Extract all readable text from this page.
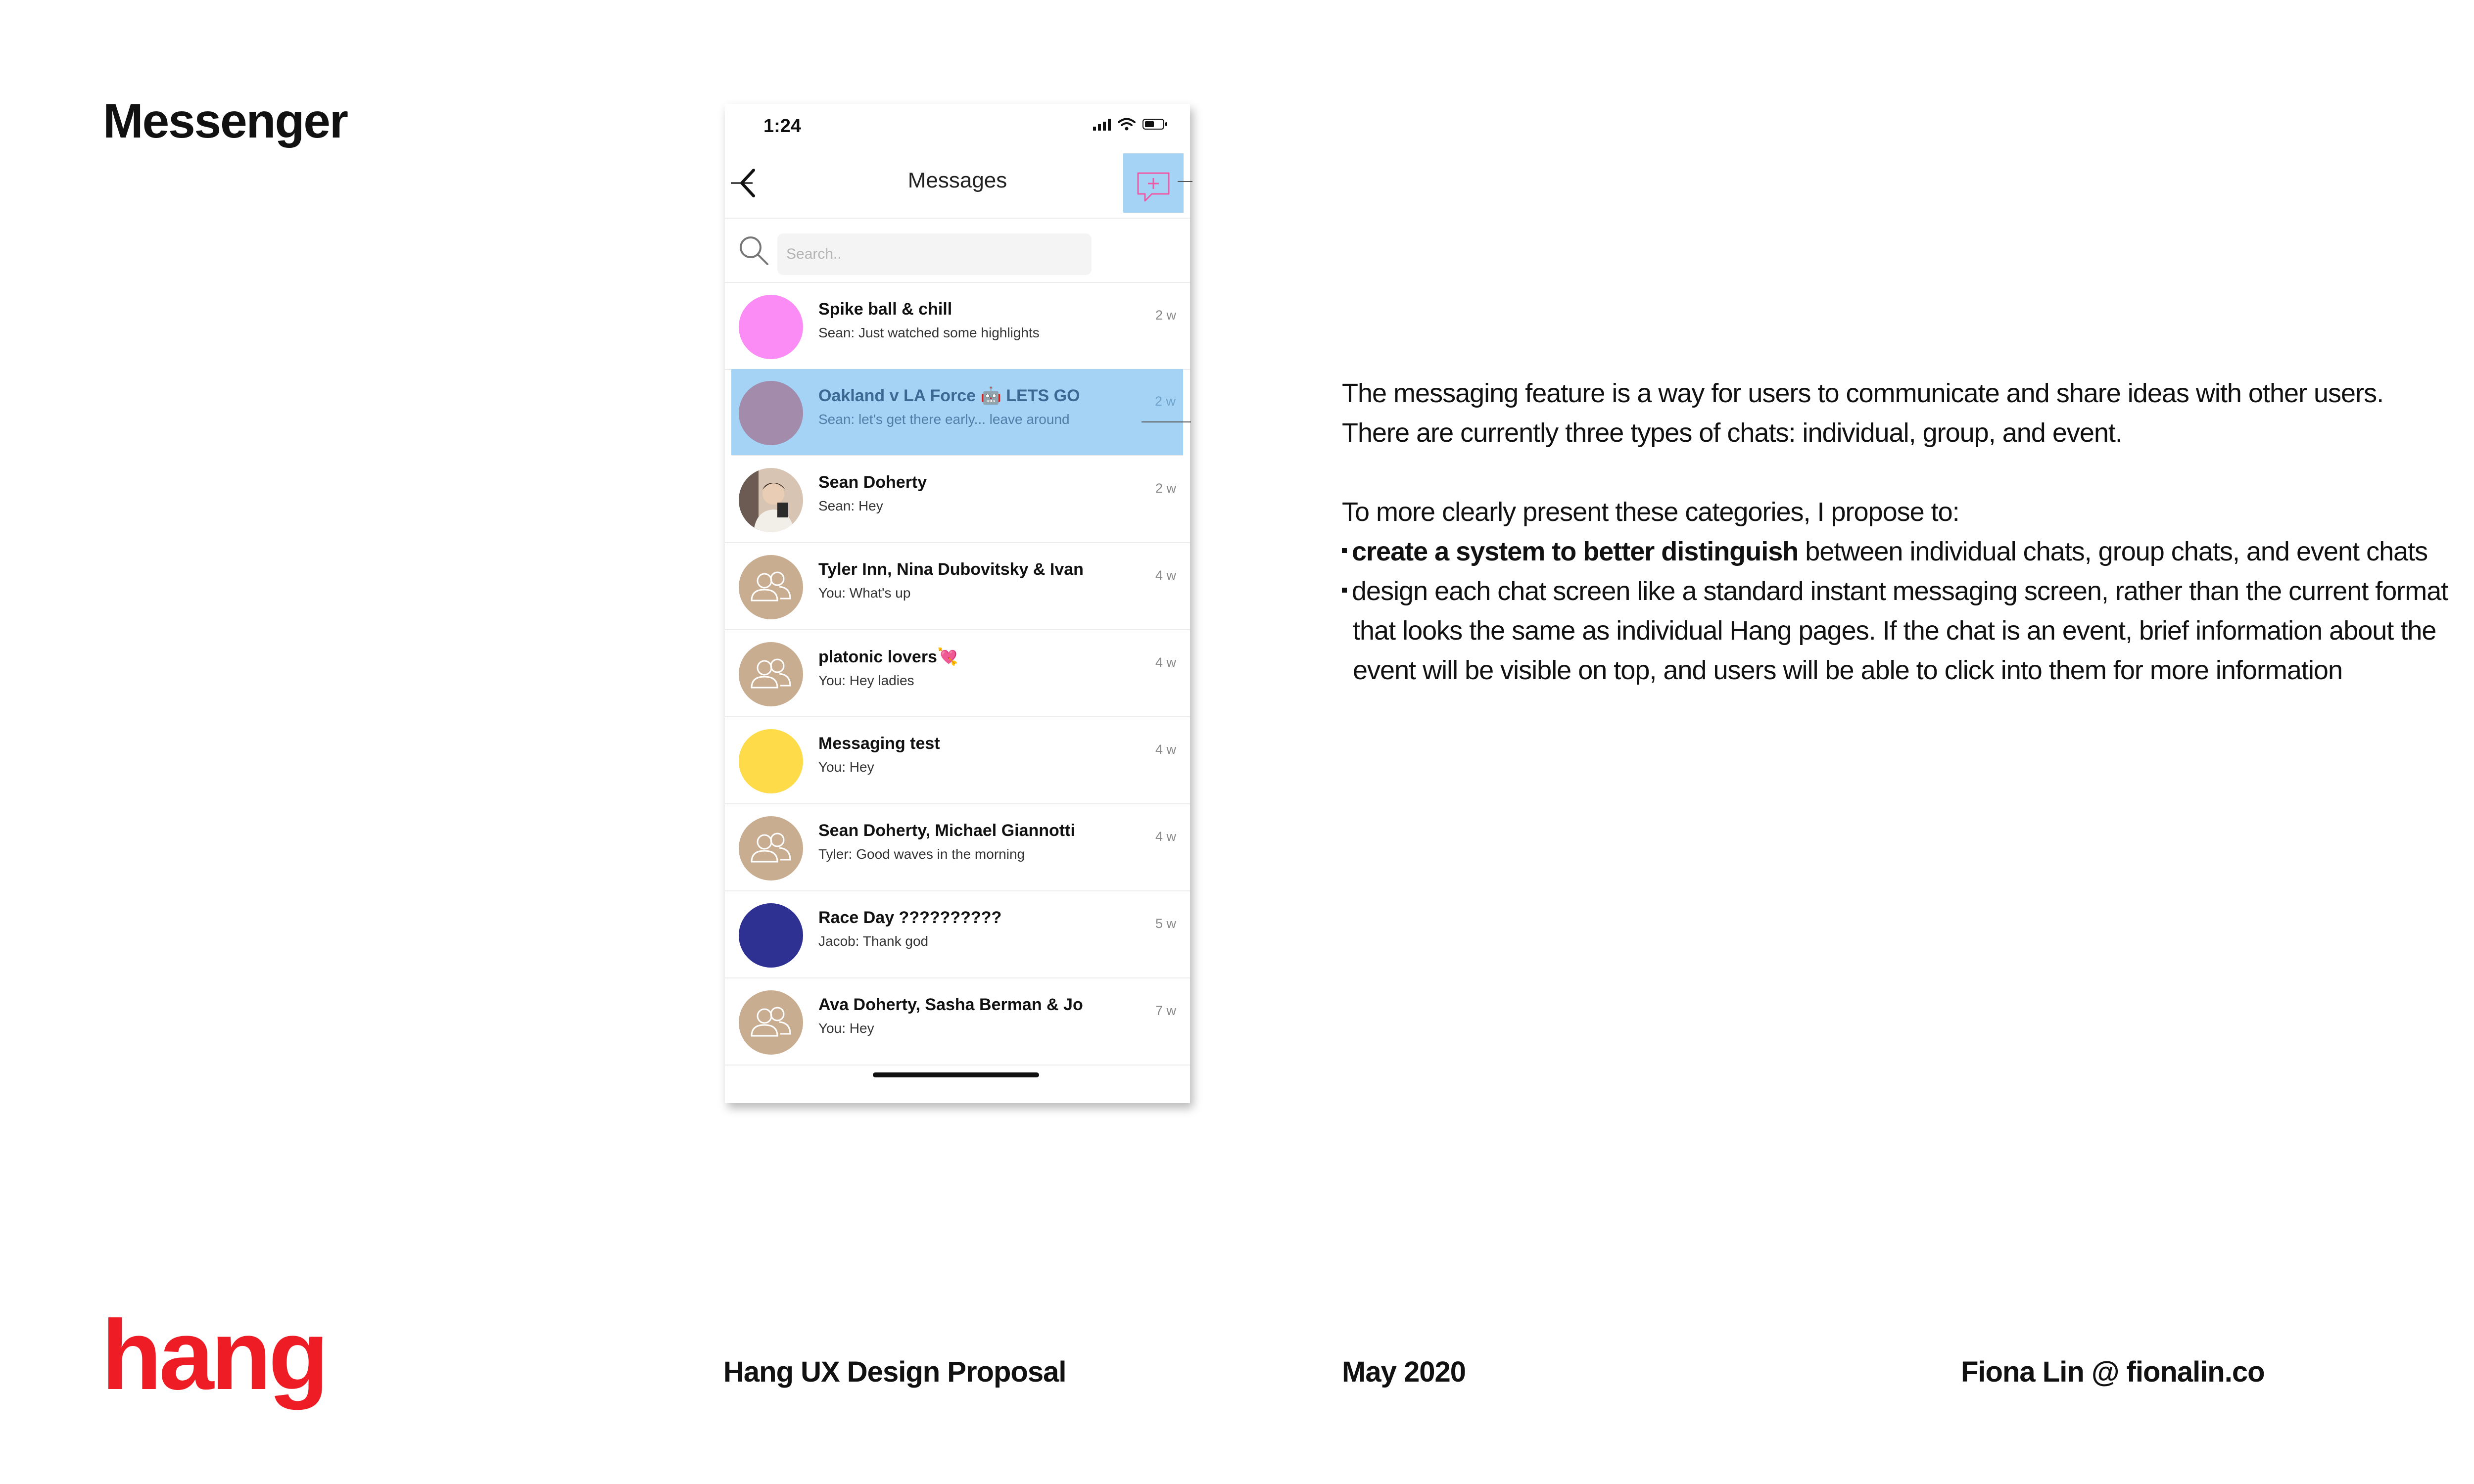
Messenger	1:24
Messages
Search..
Spike ball & chill
Sean: Just watched some highlights
2 w
Oakland v LA Force 🤖 LETS GO
Sean: let's get there early... leave around
2 w
Sean Doherty
Sean: Hey
2 w
Tyler Inn, Nina Dubovitsky & Ivan
You: What's up
4 w
platonic lovers💘
You: Hey ladies
4 w
Messaging test
You: Hey
4 w
Sean Doherty, Michael Giannotti
Tyler: Good waves in the morning
4 w
Race Day ??????????
Jacob: Thank god
5 w
Ava Doherty, Sasha Berman & Jo
You: Hey
7 w

The messaging feature is a way for users to communicate and share ideas with other users.

There are currently three types of chats: individual, group, and event.

To more clearly present these categories, I propose to:

create a system to better distinguish between individual chats, group chats, and event chats

design each chat screen like a standard instant messaging screen, rather than the current format
that looks the same as individual Hang pages. If the chat is an event, brief information about the
event will be visible on top, and users will be able to click into them for more information

hang	Hang UX Design Proposal	May 2020	Fiona Lin @ fionalin.co
